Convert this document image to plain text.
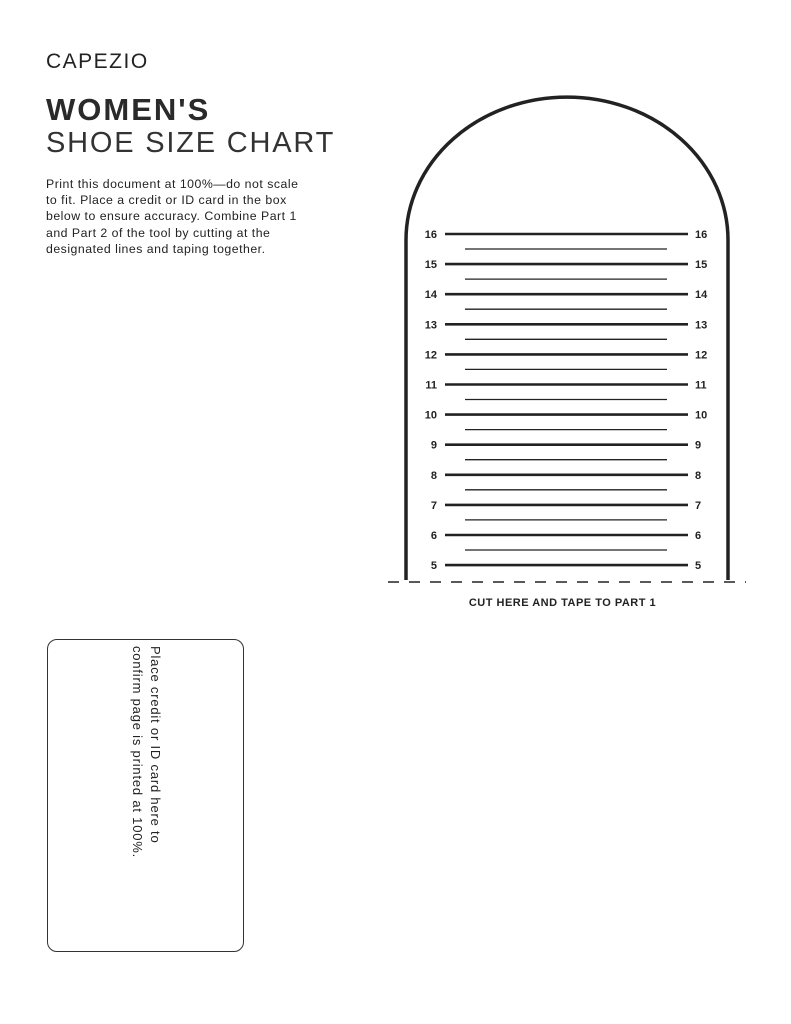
CAPEZIO
WOMEN'S
SHOE SIZE CHART
Print this document at 100%—do not scale
to fit. Place a credit or ID card in the box
below to ensure accuracy. Combine Part 1
and Part 2 of the tool by cutting at the
designated lines and taping together.
16	16
15	15
14	14
13	13
12	12
11	11
10	10
9	9
8	8
7	7
6	6
5	5
CUT HERE AND TAPE TO PART 1
Place credit or ID card here to
confirm page is printed at 100%.
